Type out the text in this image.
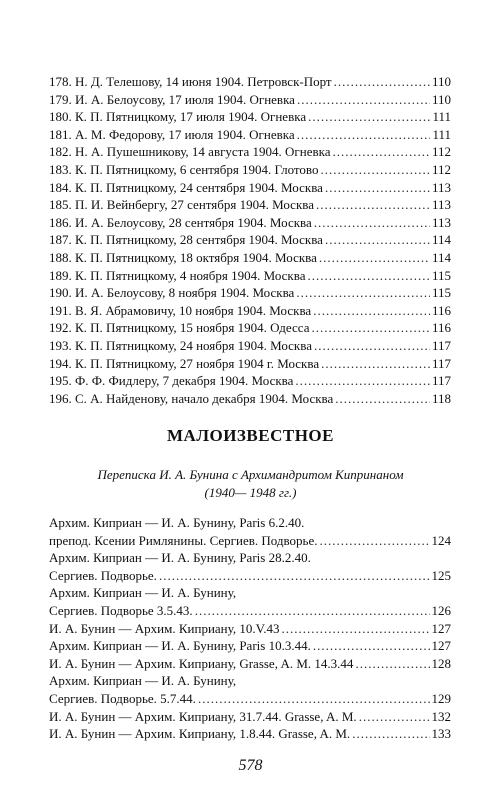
178. Н. Д. Телешову, 14 июня 1904. Петровск-Порт .....	110
179. И. А. Белоусову, 17 июля 1904. Огневка .....	110
180. К. П. Пятницкому, 17 июля 1904. Огневка .....	111
181. А. М. Федорову, 17 июля 1904. Огневка .....	111
182. Н. А. Пушешникову, 14 августа 1904. Огневка .....	112
183. К. П. Пятницкому, 6 сентября 1904. Глотово .....	112
184. К. П. Пятницкому, 24 сентября 1904. Москва .....	113
185. П. И. Вейнбергу, 27 сентября 1904. Москва .....	113
186. И. А. Белоусову, 28 сентября 1904. Москва .....	113
187. К. П. Пятницкому, 28 сентября 1904. Москва .....	114
188. К. П. Пятницкому, 18 октября 1904. Москва .....	114
189. К. П. Пятницкому, 4 ноября 1904. Москва .....	115
190. И. А. Белоусову, 8 ноября 1904. Москва .....	115
191. В. Я. Абрамовичу, 10 ноября 1904. Москва .....	116
192. К. П. Пятницкому, 15 ноября 1904. Одесса .....	116
193. К. П. Пятницкому, 24 ноября 1904. Москва .....	117
194. К. П. Пятницкому, 27 ноября 1904 г. Москва .....	117
195. Ф. Ф. Фидлеру, 7 декабря 1904. Москва .....	117
196. С. А. Найденову, начало декабря 1904. Москва .....	118
МАЛОИЗВЕСТНОЕ
Переписка И. А. Бунина с Архимандритом Кипринаном
(1940— 1948 гг.)
Архим. Киприан — И. А. Бунину, Paris 6.2.40.
препод. Ксении Римлянины. Сергиев. Подворье. .....	124
Архим. Киприан — И. А. Бунину, Paris 28.2.40.
Сергиев. Подворье. .....	125
Архим. Киприан — И. А. Бунину,
Сергиев. Подворье 3.5.43. .....	126
И. А. Бунин — Архим. Киприану, 10.V.43 .....	127
Архим. Киприан — И. А. Бунину, Paris 10.3.44. .....	127
И. А. Бунин — Архим. Киприану, Grasse, A. M. 14.3.44 .....	128
Архим. Киприан — И. А. Бунину,
Сергиев. Подворье. 5.7.44. .....	129
И. А. Бунин — Архим. Киприану, 31.7.44. Grasse, A. M. .....	132
И. А. Бунин — Архим. Киприану, 1.8.44. Grasse, A. M. .....	133
578
